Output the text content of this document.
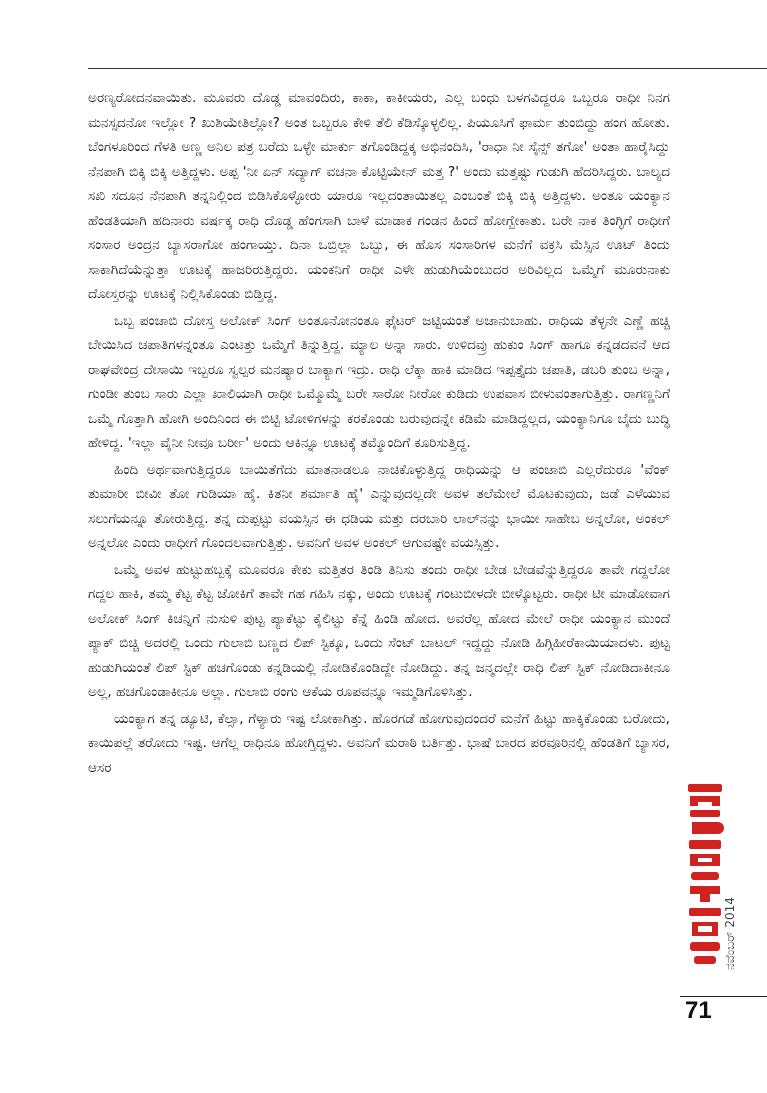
ಅರಣ್ಯರೋದನವಾಯಿತು. ಮೂವರು ದೊಡ್ಡ ಮಾವಂದಿರು, ಕಾಕಾ, ಕಾಕೀಯರು, ಎಲ್ಲ ಬಂಧು ಬಳಗವಿದ್ದರೂ ಒಬ್ಬರೂ ರಾಧೀ ನಿನಗ ಮನಸ್ಸದನೋ ಇಲ್ಲೋ ? ಖುಶಿಯೇತಿಲ್ಲೋ? ಅಂತ ಒಬ್ಬರೂ ಕೇಳಿ ತೆಲಿ ಕೆಡಿಸ್ಕೊಳ್ಳಲಿಲ್ಲ. ಪಿಯೂಸಿಗೆ ಫಾರ್ಮ ತುಂಬಿದ್ದು ಹಂಗ ಹೋತು. ಬೆಂಗಳೂರಿಂದ ಗೆಳತಿ ಅಣ್ಣ ಅನಿಲ ಪತ್ರ ಬರೆದು ಒಳ್ಳೇ ಮಾರ್ಕು ತಗೊಂಡಿದ್ದಕ್ಕ ಅಭಿನಂದಿಸಿ, 'ರಾಧಾ ನೀ ಸೈನ್ಸ್ ತಗೋ' ಅಂತಾ ಹಾರೈಸಿದ್ದು ನೆನಪಾಗಿ ಬಿಕ್ಕಿ ಬಿಕ್ಕಿ ಅತ್ತಿದ್ದಳು. ಅಪ್ಪ 'ನೀ ಏನ್ ಸದ್ಯಾಗ್ ವಚನಾ ಕೊಟ್ಟಿಯೇನ್ ಮತ್ತ ?' ಅಂದು ಮತ್ತಷ್ಟು ಗುಡುಗಿ ಹೆದರಿಸಿದ್ದರು. ಬಾಲ್ಯದ ಸಖಿ ಸದೂನ ನೆನಪಾಗಿ ತನ್ನನಿಲ್ಲಿಂದ ಬಿಡಿಸಿಕೊಳ್ಳೋರು ಯಾರೂ ಇಲ್ಲದಂತಾಯಿತಲ್ಲ ಎಂಬಂತೆ ಬಿಕ್ಕಿ ಬಿಕ್ಕಿ ಅತ್ತಿದ್ದಳು. ಅಂತೂ ಯಂಕ್ಯಾನ ಹೆಂಡತಿಯಾಗಿ ಹದಿನಾರು ವರ್ಷಕ್ಕ ರಾಧಿ ದೊಡ್ಡ ಹೆಂಗಸಾಗಿ ಬಾಳೆ ಮಾಡಾಕ ಗಂಡನ ಹಿಂದೆ ಹೋಗ್ಬೇಕಾತು. ಬರೇ ನಾಕ ತಿಂಗ್ಳಿಗೆ ರಾಧೀಗೆ ಸಂಸಾರ ಅಂದ್ರನ ಬ್ಯಾಸರಾಗೋ ಹಂಗಾಯ್ತು. ದಿನಾ ಒಬ್ರಿಲ್ಲಾ ಒಬ್ಬು, ಈ ಹೊಸ ಸಂಸಾರಿಗಳ ಮನೆಗೆ ವಕ್ರಸಿ ಮೆಸ್ಸಿನ ಊಟ್ ತಿಂದು ಸಾಕಾಗಿದೆಯೆನ್ನುತ್ತಾ ಊಟಕ್ಕೆ ಹಾಜರಿರುತ್ತಿದ್ದರು. ಯಂಕನಿಗೆ ರಾಧೀ ಎಳೇ ಹುಡುಗಿಯೆಂಬುದರ ಅರಿವಿಲ್ಲದ ಒಮ್ಮೆಗೆ ಮೂರುನಾಕು ದೋಸ್ತರನ್ನು ಊಟಕ್ಕೆ ನಿಲ್ಲಿಸಿಕೊಂಡು ಬಿಡ್ತಿದ್ದ.

ಒಬ್ಬ ಪಂಜಾಬಿ ದೋಸ್ತ ಅಲೋಕ್ ಸಿಂಗ್ ಅಂತೂನೋನಂತೂ ಫೈಟರ್ ಜಟ್ಟಿಯಂತೆ ಅಜಾನುಬಾಹು. ರಾಧಿಯ ತೆಳ್ಳನೇ ಎಣ್ಣೆ ಹಚ್ಚಿ ಬೇಯಿಸಿದ ಚಪಾತಿಗಳನ್ನಂತೂ ಎಂಟತ್ತು ಒಮ್ಮೆಗೆ ತಿನ್ನುತ್ತಿದ್ದ. ಮ್ಯಾಲ ಅನ್ನಾ ಸಾರು. ಉಳಿದವ್ರು ಹುಕುಂ ಸಿಂಗ್ ಹಾಗೂ ಕನ್ನಡದವನೆ ಆದ ರಾಘವೇಂದ್ರ ದೇಸಾಯಿ ಇಬ್ಬರೂ ಸ್ವಲ್ಪರ ಮನಷ್ಯಾರ ಬಾಕ್ಯಾಗ ಇದ್ರು. ರಾಧಿ ಲೆಕ್ಕಾ ಹಾಕಿ ಮಾಡಿದ ಇಪ್ಪತ್ತೈದು ಚಪಾತಿ, ಡಬರಿ ತುಂಬ ಅನ್ನಾ, ಗುಂಡೀ ತುಂಬ ಸಾರು ಎಲ್ಲಾ ಖಾಲಿಯಾಗಿ ರಾಧೀ ಒಮ್ಮೊಮ್ಮೆ ಬರೇ ಸಾರೋ ನೀರೋ ಕುಡಿದು ಉಪವಾಸ ಬೀಳುವಂತಾಗುತ್ತಿತ್ತು. ರಾಗಣ್ಣನಿಗೆ ಒಮ್ಮೆ ಗೊತ್ತಾಗಿ ಹೋಗಿ ಅಂದಿನಿಂದ ಈ ಬಿಟ್ಟಿ ಟೋಳಿಗಳನ್ನು ಕರಕೊಂಡು ಬರುವುದನ್ನೇ ಕಡಿಮೆ ಮಾಡಿದ್ದಲ್ಲದ, ಯಂಕ್ಯಾನಿಗೂ ಬೈದು ಬುದ್ಧಿ ಹೇಳಿದ್ದ. 'ಇಲ್ಲಾ ವೈನೀ ನೀವೂ ಬರ್ರೀ' ಅಂದು ಆಕಿನ್ನೂ ಊಟಕ್ಕೆ ತಮ್ಮೊಂದಿಗೆ ಕೂರಿಸುತ್ತಿದ್ದ.

ಹಿಂದಿ ಅರ್ಥವಾಗುತ್ತಿದ್ದರೂ ಬಾಯಿತೆಗೆದು ಮಾತನಾಡಲೂ ನಾಚಿಕೊಳ್ಳುತ್ತಿದ್ದ ರಾಧಿಯನ್ನು ಆ ಪಂಜಾಬಿ ಎಲ್ಲರೆದುರೂ 'ವೆಂಕ್ ತುಮಾರೀ ಬೀವೀ ತೋ ಗುಡಿಯಾ ಹೈ. ಕಿತನೀ ಶರ್ಮಾತಿ ಹೈ' ಎನ್ನುವುದಲ್ಲದೇ ಅವಳ ತಲೆಮೇಲೆ ಮೊಟಕುವುದು, ಜಡೆ ಎಳೆಯುವ ಸಲುಗೆಯನ್ನೂ ತೋರುತ್ತಿದ್ದ. ತನ್ನ ದುಪ್ಪಟ್ಟು ವಯಸ್ಸಿನ ಈ ಧಡಿಯ ಮತ್ತು ದರಬಾರಿ ಲಾಲ್‌ನನ್ನು ಭಾಯೀ ಸಾಹೇಬ ಅನ್ನಲೋ, ಅಂಕಲ್ ಅನ್ನಲೋ ಎಂದು ರಾಧೀಗೆ ಗೊಂದಲವಾಗುತ್ತಿತ್ತು. ಅವನಿಗೆ ಅವಳ ಅಂಕಲ್ ಆಗುವಷ್ಟೇ ವಯಸ್ಸಿತ್ತು.

ಒಮ್ಮೆ ಅವಳ ಹುಟ್ಟುಹಬ್ಬಕ್ಕೆ ಮೂವರೂ ಕೇಕು ಮತ್ತಿತರ ತಿಂಡಿ ತಿನಿಸು ತಂದು ರಾಧೀ ಬೇಡ ಬೇಡವೆನ್ನುತ್ತಿದ್ದರೂ ತಾವೇ ಗದ್ದಲೋ ಗದ್ದಲ ಹಾಕಿ, ತಮ್ಮ ಕೆಟ್ಟ ಕೆಟ್ಟ ಜೋಕಿಗೆ ತಾವೇ ಗಹ ಗಹಿಸಿ ನಕ್ಕು, ಅಂದು ಊಟಕ್ಕೆ ಗಂಟುಬೀಳದೇ ಬೀಳ್ಕೊಟ್ಟರು. ರಾಧೀ ಟೀ ಮಾಡೋವಾಗ ಅಲೋಕ್ ಸಿಂಗ್ ಕಿಚನ್ನಿಗೆ ನುಸುಳಿ ಪುಟ್ಟ ಪ್ಯಾಕೆಟ್ಟು ಕೈಲಿಟ್ಟು ಕೆನ್ನೆ ಹಿಂಡಿ ಹೋದ. ಅವರೆಲ್ಲ ಹೋದ ಮೇಲೆ ರಾಧೀ ಯಂಕ್ಯಾನ ಮುಂದೆ ಪ್ಯಾಕ್ ಬಿಚ್ಚಿ ಅದರಲ್ಲಿ ಒಂದು ಗುಲಾಬಿ ಬಣ್ಣದ ಲಿಪ್ ಸ್ಟಿಕ್ಕೂ, ಒಂದು ಸೆಂಟ್ ಬಾಟಲ್ ಇದ್ದದ್ದು ನೋಡಿ ಹಿಗ್ಗಿಹೀರೆಕಾಯಿಯಾದಳು. ಪುಟ್ಟ ಹುಡುಗಿಯಂತೆ ಲಿಪ್ ಸ್ಟಿಕ್ ಹಚಗೊಂಡು ಕನ್ನಡಿಯಲ್ಲಿ ನೋಡಿಕೊಂಡಿದ್ದೇ ನೋಡಿದ್ದು. ತನ್ನ ಜನ್ಮದಲ್ಲೇ ರಾಧಿ ಲಿಪ್ ಸ್ಟಿಕ್ ನೋಡಿದಾಕೀನೂ ಅಲ್ಲ, ಹಚಗೊಂಡಾಕೀನೂ ಅಲ್ಲಾ. ಗುಲಾಬಿ ರಂಗು ಆಕೆಯ ರೂಪವನ್ನೂ ಇಮ್ಮಡಿಗೊಳಿಸಿತ್ತು.

ಯಂಕ್ಯಾಗ ತನ್ನ ಡ್ಯೂಟಿ, ಕೆಲ್ಸಾ, ಗೆಳ್ಯಾರು ಇಷ್ಟ ಲೋಕಾಗಿತ್ತು. ಹೊರಗಡೆ ಹೋಗುವುದಂದರೆ ಮನೆಗೆ ಹಿಟ್ಟು ಹಾಕ್ಕಿಕೊಂಡು ಬರೋದು, ಕಾಯಿಪಲ್ಲೆ ತರೋದು ಇಷ್ಟ. ಆಗೆಲ್ಲ ರಾಧಿನೂ ಹೋಗ್ತಿದ್ದಳು. ಅವನಿಗೆ ಮರಾಠಿ ಬರ್ತಿತ್ತು. ಭಾಷೆ ಬಾರದ ಪರವೂರಿನಲ್ಲಿ ಹೆಂಡತಿಗೆ ಬ್ಯಾಸರ, ಆಸರ

ನವೆಂಬರ್ 2014
71
